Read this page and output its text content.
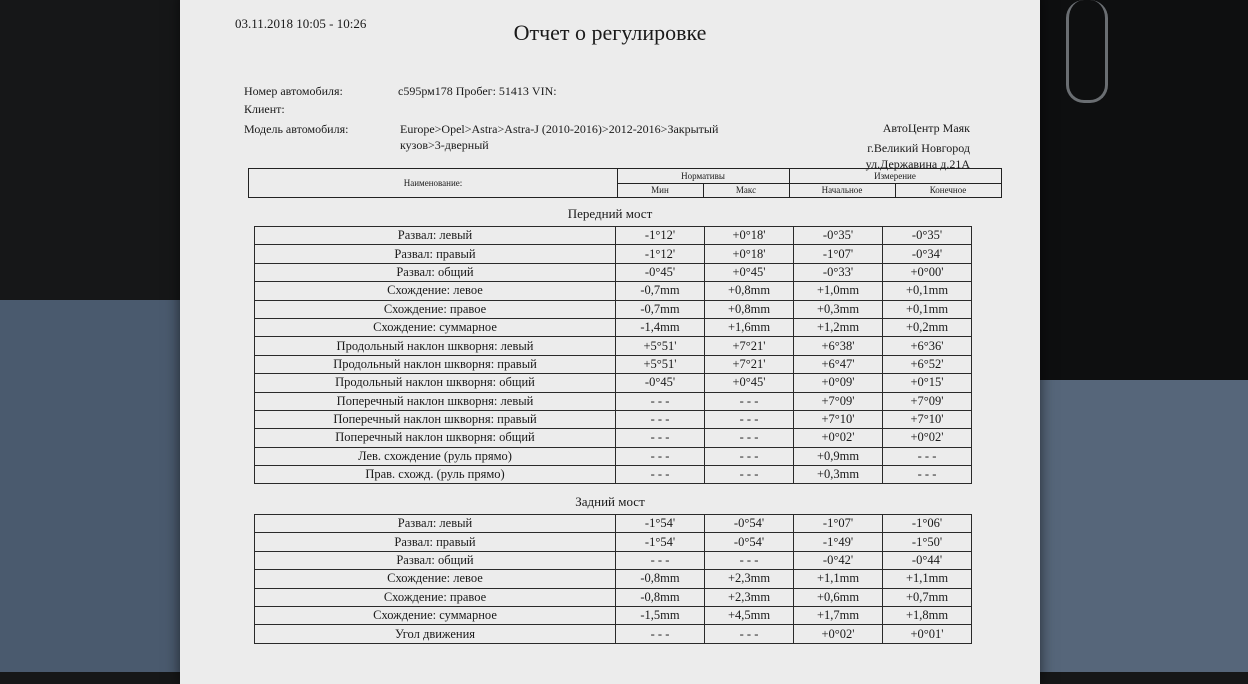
03.11.2018 10:05 - 10:26	Отчет о регулировке
Номер автомобиля:	с595рм178 Пробег: 51413 VIN:
Клиент:
Модель автомобиля:	Europe>Opel>Astra>Astra-J (2010-2016)>2012-2016>Закрытый
кузов>3-дверный
АвтоЦентр Маяк
г.Великий Новгород
ул.Державина д.21А
Наименование:
Нормативы	Измерение
Мин	Макс	Начальное	Конечное
Передний мост
Развал: левый	-1°12'	+0°18'	-0°35'	-0°35'
Развал: правый	-1°12'	+0°18'	-1°07'	-0°34'
Развал: общий	-0°45'	+0°45'	-0°33'	+0°00'
Схождение: левое	-0,7mm	+0,8mm	+1,0mm	+0,1mm
Схождение: правое	-0,7mm	+0,8mm	+0,3mm	+0,1mm
Схождение: суммарное	-1,4mm	+1,6mm	+1,2mm	+0,2mm
Продольный наклон шкворня: левый	+5°51'	+7°21'	+6°38'	+6°36'
Продольный наклон шкворня: правый	+5°51'	+7°21'	+6°47'	+6°52'
Продольный наклон шкворня: общий	-0°45'	+0°45'	+0°09'	+0°15'
Поперечный наклон шкворня: левый	- - -	- - -	+7°09'	+7°09'
Поперечный наклон шкворня: правый	- - -	- - -	+7°10'	+7°10'
Поперечный наклон шкворня: общий	- - -	- - -	+0°02'	+0°02'
Лев. схождение (руль прямо)	- - -	- - -	+0,9mm	- - -
Прав. схожд. (руль прямо)	- - -	- - -	+0,3mm	- - -
Задний мост
Развал: левый	-1°54'	-0°54'	-1°07'	-1°06'
Развал: правый	-1°54'	-0°54'	-1°49'	-1°50'
Развал: общий	- - -	- - -	-0°42'	-0°44'
Схождение: левое	-0,8mm	+2,3mm	+1,1mm	+1,1mm
Схождение: правое	-0,8mm	+2,3mm	+0,6mm	+0,7mm
Схождение: суммарное	-1,5mm	+4,5mm	+1,7mm	+1,8mm
Угол движения	- - -	- - -	+0°02'	+0°01'
